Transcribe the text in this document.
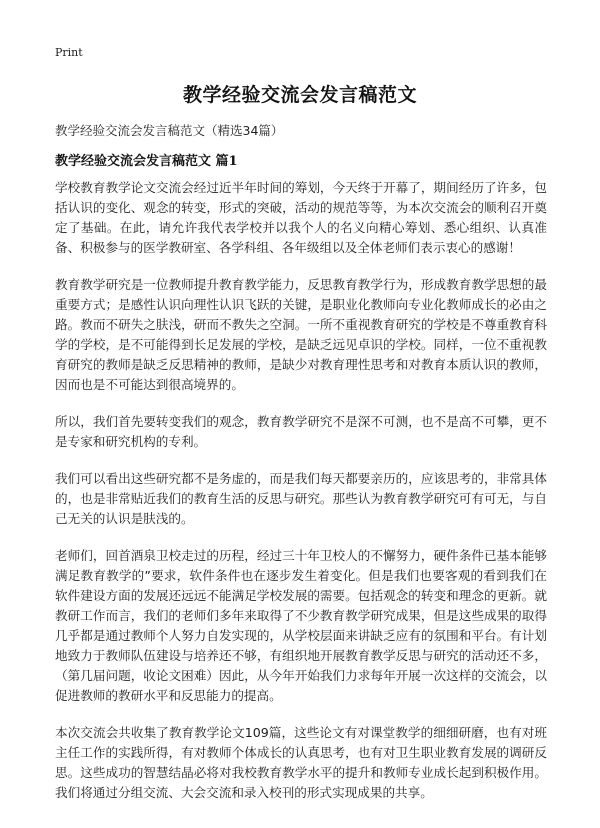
Print
教学经验交流会发言稿范文

教学经验交流会发言稿范文（精选34篇）

教学经验交流会发言稿范文 篇1

学校教育教学论文交流会经过近半年时间的筹划，今天终于开幕了，期间经历了许多，包括认识的变化、观念的转变，形式的突破，活动的规范等等，为本次交流会的顺利召开奠定了基础。在此，请允许我代表学校并以我个人的名义向精心筹划、悉心组织、认真准备、积极参与的医学教研室、各学科组、各年级组以及全体老师们表示衷心的感谢！

教育教学研究是一位教师提升教育教学能力，反思教育教学行为，形成教育教学思想的最重要方式；是感性认识向理性认识飞跃的关键，是职业化教师向专业化教师成长的必由之路。教而不研失之肤浅，研而不教失之空洞。一所不重视教育研究的学校是不尊重教育科学的学校，是不可能得到长足发展的学校，是缺乏远见卓识的学校。同样，一位不重视教育研究的教师是缺乏反思精神的教师，是缺少对教育理性思考和对教育本质认识的教师，因而也是不可能达到很高境界的。

所以，我们首先要转变我们的观念，教育教学研究不是深不可测，也不是高不可攀，更不是专家和研究机构的专利。

我们可以看出这些研究都不是务虚的，而是我们每天都要亲历的，应该思考的，非常具体的，也是非常贴近我们的教育生活的反思与研究。那些认为教育教学研究可有可无，与自己无关的认识是肤浅的。

老师们，回首酒泉卫校走过的历程，经过三十年卫校人的不懈努力，硬件条件已基本能够满足教育教学的”要求，软件条件也在逐步发生着变化。但是我们也要客观的看到我们在软件建设方面的发展还远远不能满足学校发展的需要。包括观念的转变和理念的更新。就教研工作而言，我们的老师们多年来取得了不少教育教学研究成果，但是这些成果的取得几乎都是通过教师个人努力自发实现的，从学校层面来讲缺乏应有的氛围和平台。有计划地致力于教师队伍建设与培养还不够，有组织地开展教育教学反思与研究的活动还不多，（第几届问题，收论文困难）因此，从今年开始我们力求每年开展一次这样的交流会，以促进教师的教研水平和反思能力的提高。

本次交流会共收集了教育教学论文109篇，这些论文有对课堂教学的细细研磨，也有对班主任工作的实践所得，有对教师个体成长的认真思考，也有对卫生职业教育发展的调研反思。这些成功的智慧结晶必将对我校教育教学水平的提升和教师专业成长起到积极作用。我们将通过分组交流、大会交流和录入校刊的形式实现成果的共享。
